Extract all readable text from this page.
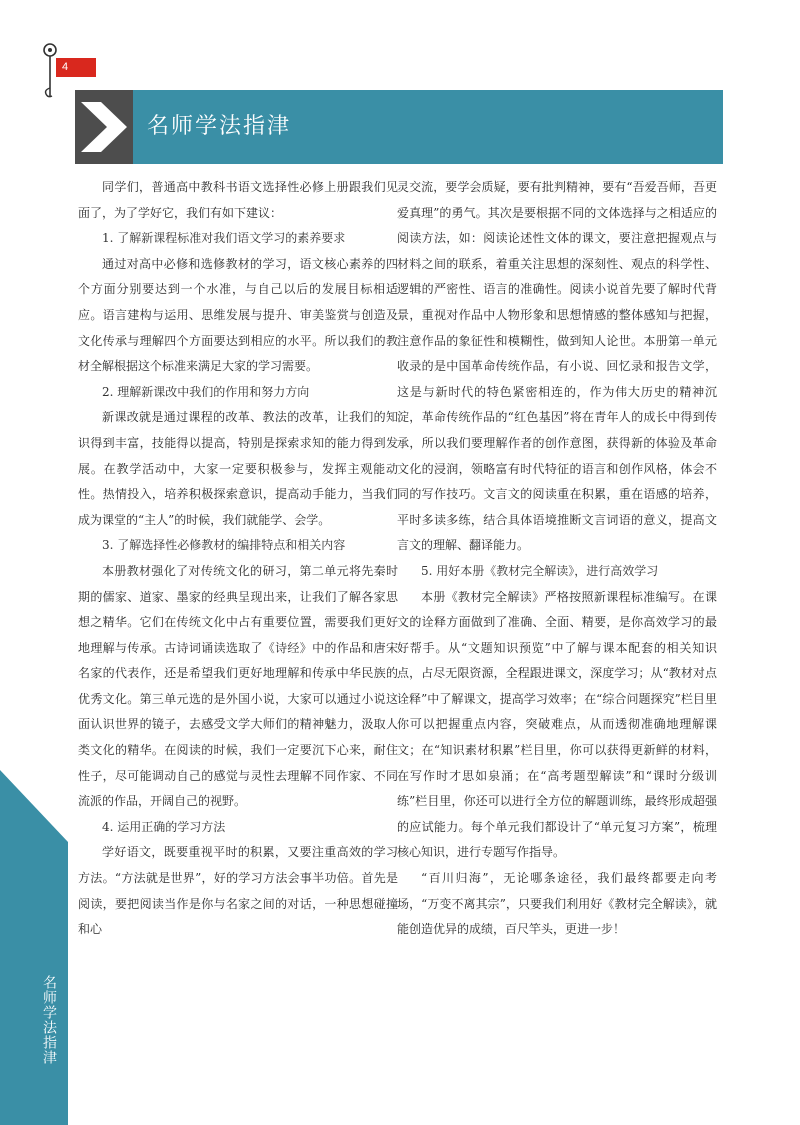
4
名师学法指津
名师学法指津

同学们，普通高中教科书语文选择性必修上册跟我们见面了，为了学好它，我们有如下建议：

1. 了解新课程标准对我们语文学习的素养要求

通过对高中必修和选修教材的学习，语文核心素养的四个方面分别要达到一个水准，与自己以后的发展目标相适应。语言建构与运用、思维发展与提升、审美鉴赏与创造及文化传承与理解四个方面要达到相应的水平。所以我们的教材全解根据这个标准来满足大家的学习需要。

2. 理解新课改中我们的作用和努力方向

新课改就是通过课程的改革、教法的改革，让我们的知识得到丰富，技能得以提高，特别是探索求知的能力得到发展。在教学活动中，大家一定要积极参与，发挥主观能动性。热情投入，培养积极探索意识，提高动手能力，当我们成为课堂的“主人”的时候，我们就能学、会学。

3. 了解选择性必修教材的编排特点和相关内容

本册教材强化了对传统文化的研习，第二单元将先秦时期的儒家、道家、墨家的经典呈现出来，让我们了解各家思想之精华。它们在传统文化中占有重要位置，需要我们更好地理解与传承。古诗词诵读选取了《诗经》中的作品和唐宋名家的代表作，还是希望我们更好地理解和传承中华民族的优秀文化。第三单元选的是外国小说，大家可以通过小说这面认识世界的镜子，去感受文学大师们的精神魅力，汲取人类文化的精华。在阅读的时候，我们一定要沉下心来，耐住性子，尽可能调动自己的感觉与灵性去理解不同作家、不同流派的作品，开阔自己的视野。

4. 运用正确的学习方法

学好语文，既要重视平时的积累，又要注重高效的学习方法。“方法就是世界”，好的学习方法会事半功倍。首先是阅读，要把阅读当作是你与名家之间的对话，一种思想碰撞和心

灵交流，要学会质疑，要有批判精神，要有“吾爱吾师，吾更爱真理”的勇气。其次是要根据不同的文体选择与之相适应的阅读方法，如：阅读论述性文体的课文，要注意把握观点与材料之间的联系，着重关注思想的深刻性、观点的科学性、逻辑的严密性、语言的准确性。阅读小说首先要了解时代背景，重视对作品中人物形象和思想情感的整体感知与把握，注意作品的象征性和模糊性，做到知人论世。本册第一单元收录的是中国革命传统作品，有小说、回忆录和报告文学，这是与新时代的特色紧密相连的，作为伟大历史的精神沉淀，革命传统作品的“红色基因”将在青年人的成长中得到传承，所以我们要理解作者的创作意图，获得新的体验及革命文化的浸润，领略富有时代特征的语言和创作风格，体会不同的写作技巧。文言文的阅读重在积累，重在语感的培养，平时多读多练，结合具体语境推断文言词语的意义，提高文言文的理解、翻译能力。

5. 用好本册《教材完全解读》，进行高效学习

本册《教材完全解读》严格按照新课程标准编写。在课文的诠释方面做到了准确、全面、精要，是你高效学习的最好帮手。从“文题知识预览”中了解与课本配套的相关知识点，占尽无限资源，全程跟进课文，深度学习；从“教材对点诠释”中了解课文，提高学习效率；在“综合问题探究”栏目里你可以把握重点内容，突破难点，从而透彻准确地理解课文；在“知识素材积累”栏目里，你可以获得更新鲜的材料，在写作时才思如泉涌；在“高考题型解读”和“课时分级训练”栏目里，你还可以进行全方位的解题训练，最终形成超强的应试能力。每个单元我们都设计了“单元复习方案”，梳理核心知识，进行专题写作指导。

“百川归海”，无论哪条途径，我们最终都要走向考场，“万变不离其宗”，只要我们利用好《教材完全解读》，就能创造优异的成绩，百尺竿头，更进一步！
